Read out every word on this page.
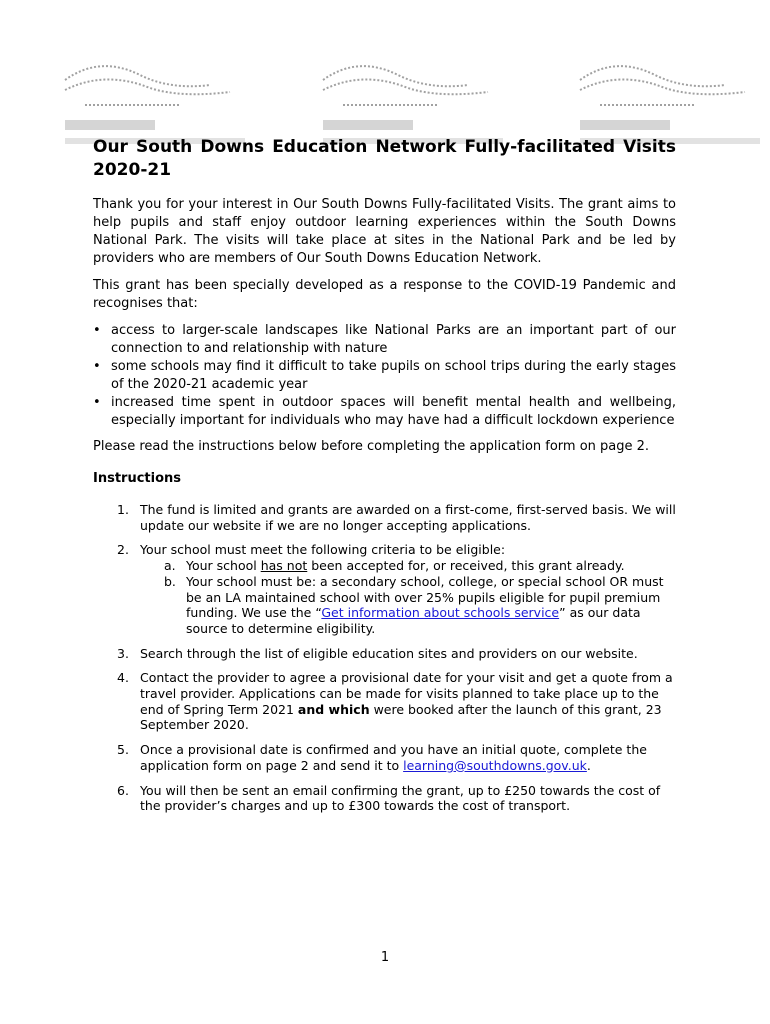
Our South Downs Education Network Fully-facilitated Visits 2020-21

Thank you for your interest in Our South Downs Fully-facilitated Visits. The grant aims to help pupils and staff enjoy outdoor learning experiences within the South Downs National Park. The visits will take place at sites in the National Park and be led by providers who are members of Our South Downs Education Network.

This grant has been specially developed as a response to the COVID-19 Pandemic and recognises that:

• access to larger-scale landscapes like National Parks are an important part of our connection to and relationship with nature
• some schools may find it difficult to take pupils on school trips during the early stages of the 2020-21 academic year
• increased time spent in outdoor spaces will benefit mental health and wellbeing, especially important for individuals who may have had a difficult lockdown experience

Please read the instructions below before completing the application form on page 2.

Instructions
1. The fund is limited and grants are awarded on a first-come, first-served basis. We will update our website if we are no longer accepting applications.
2. Your school must meet the following criteria to be eligible:
a. Your school has not been accepted for, or received, this grant already.
b. Your school must be: a secondary school, college, or special school OR must be an LA maintained school with over 25% pupils eligible for pupil premium funding. We use the “Get information about schools service” as our data source to determine eligibility.
3. Search through the list of eligible education sites and providers on our website.
4. Contact the provider to agree a provisional date for your visit and get a quote from a travel provider. Applications can be made for visits planned to take place up to the end of Spring Term 2021 and which were booked after the launch of this grant, 23 September 2020.
5. Once a provisional date is confirmed and you have an initial quote, complete the application form on page 2 and send it to learning@southdowns.gov.uk.
6. You will then be sent an email confirming the grant, up to £250 towards the cost of the provider’s charges and up to £300 towards the cost of transport.
1
